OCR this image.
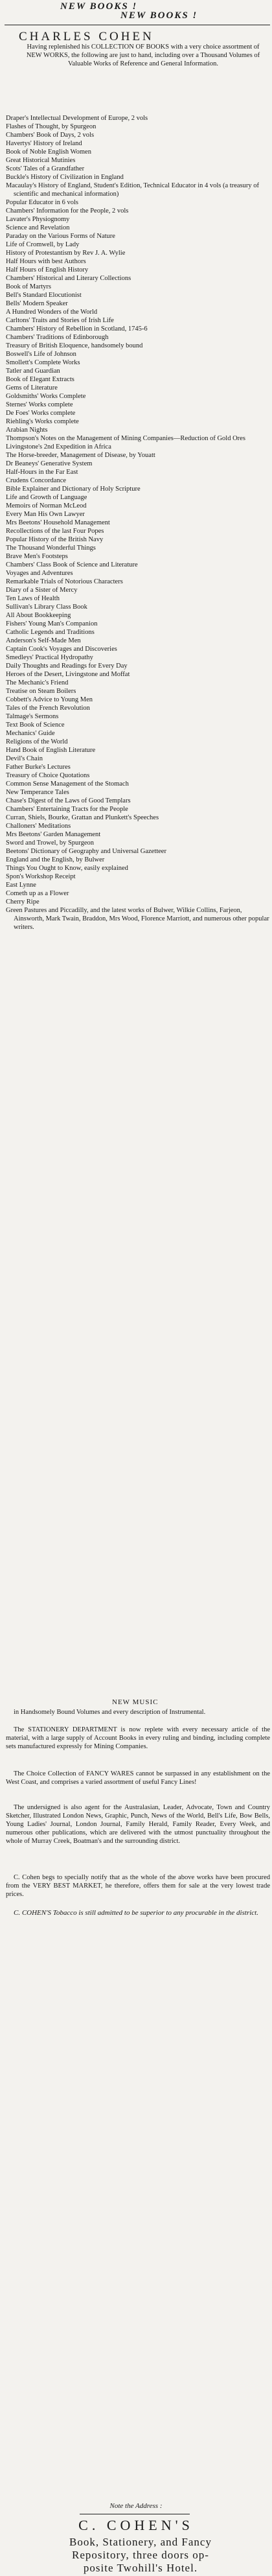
NEW BOOKS !
NEW BOOKS !
CHARLES COHEN
Having replenished his COLLECTION OF BOOKS with a very choice assortment of NEW WORKS, the following are just to hand, including over a Thousand Volumes of Valuable Works of Reference and General Information.
Draper's Intellectual Development of Europe, 2 vols
Flashes of Thought, by Spurgeon
Chambers' Book of Days, 2 vols
Havertys' History of Ireland
Book of Noble English Women
Great Historical Mutinies
Scots' Tales of a Grandfather
Buckle's History of Civilization in England
Macaulay's History of England, Student's Edition, Technical Educator in 4 vols (a treasury of scientific and mechanical information)
Popular Educator in 6 vols
Chambers' Information for the People, 2 vols
Lavater's Physiognomy
Science and Revelation
Paraday on the Various Forms of Nature
Life of Cromwell, by Lady
History of Protestantism by Rev J. A. Wylie
Half Hours with best Authors
Half Hours of English History
Chambers' Historical and Literary Collections
Book of Martyrs
Bell's Standard Elocutionist
Bells' Modern Speaker
A Hundred Wonders of the World
Carltons' Traits and Stories of Irish Life
Chambers' History of Rebellion in Scotland, 1745-6
Chambers' Traditions of Edinborough
Treasury of British Eloquence, handsomely bound
Boswell's Life of Johnson
Smollett's Complete Works
Tatler and Guardian
Book of Elegant Extracts
Gems of Literature
Goldsmiths' Works Complete
Sternes' Works complete
De Foes' Works complete
Riehling's Works complete
Arabian Nights
Thompson's Notes on the Management of Mining Companies—Reduction of Gold Ores
Livingstone's 2nd Expedition in Africa
The Horse-breeder, Management of Disease, by Youatt
Dr Beaneys' Generative System
Half-Hours in the Far East
Crudens Concordance
Bible Explainer and Dictionary of Holy Scripture
Life and Growth of Language
Memoirs of Norman McLeod
Every Man His Own Lawyer
Mrs Beetons' Household Management
Recollections of the last Four Popes
Popular History of the British Navy
The Thousand Wonderful Things
Brave Men's Footsteps
Chambers' Class Book of Science and Literature
Voyages and Adventures
Remarkable Trials of Notorious Characters
Diary of a Sister of Mercy
Ten Laws of Health
Sullivan's Library Class Book
All About Bookkeeping
Fishers' Young Man's Companion
Catholic Legends and Traditions
Anderson's Self-Made Men
Captain Cook's Voyages and Discoveries
Smedleys' Practical Hydropathy
Daily Thoughts and Readings for Every Day
Heroes of the Desert, Livingstone and Moffat
The Mechanic's Friend
Treatise on Steam Boilers
Cobbett's Advice to Young Men
Tales of the French Revolution
Talmage's Sermons
Text Book of Science
Mechanics' Guide
Religions of the World
Hand Book of English Literature
Devil's Chain
Father Burke's Lectures
Treasury of Choice Quotations
Common Sense Management of the Stomach
New Temperance Tales
Chase's Digest of the Laws of Good Templars
Chambers' Entertaining Tracts for the People
Curran, Shiels, Bourke, Grattan and Plunkett's Speeches
Challoners' Meditations
Mrs Beetons' Garden Management
Sword and Trowel, by Spurgeon
Beetons' Dictionary of Geography and Universal Gazetteer
England and the English, by Bulwer
Things You Ought to Know, easily explained
Spon's Workshop Receipt
East Lynne
Cometh up as a Flower
Cherry Ripe
Green Pastures and Piccadilly, and the latest works of Bulwer, Wilkie Collins, Farjeon, Ainsworth, Mark Twain, Braddon, Mrs Wood, Florence Marriott, and numerous other popular writers.
NEW MUSIC
in Handsomely Bound Volumes and every description of Instrumental.
The STATIONERY DEPARTMENT is now replete with every necessary article of the material, with a large supply of Account Books in every ruling and binding, including complete sets manufactured expressly for Mining Companies.
The Choice Collection of FANCY WARES cannot be surpassed in any establishment on the West Coast, and comprises a varied assortment of useful Fancy Lines!
The undersigned is also agent for the Australasian, Leader, Advocate, Town and Country Sketcher, Illustrated London News, Graphic, Punch, News of the World, Bell's Life, Bow Bells, Young Ladies' Journal, London Journal, Family Herald, Family Reader, Every Week, and numerous other publications, which are delivered with the utmost punctuality throughout the whole of Murray Creek, Boatman's and the surrounding district.
C. Cohen begs to specially notify that as the whole of the above works have been procured from the VERY BEST MARKET, he therefore, offers them for sale at the very lowest trade prices.
C. COHEN'S Tobacco is still admitted to be superior to any procurable in the district.
Note the Address :
C. COHEN'S
Book, Stationery, and Fancy
Repository, three doors op-
posite Twohill's Hotel.
